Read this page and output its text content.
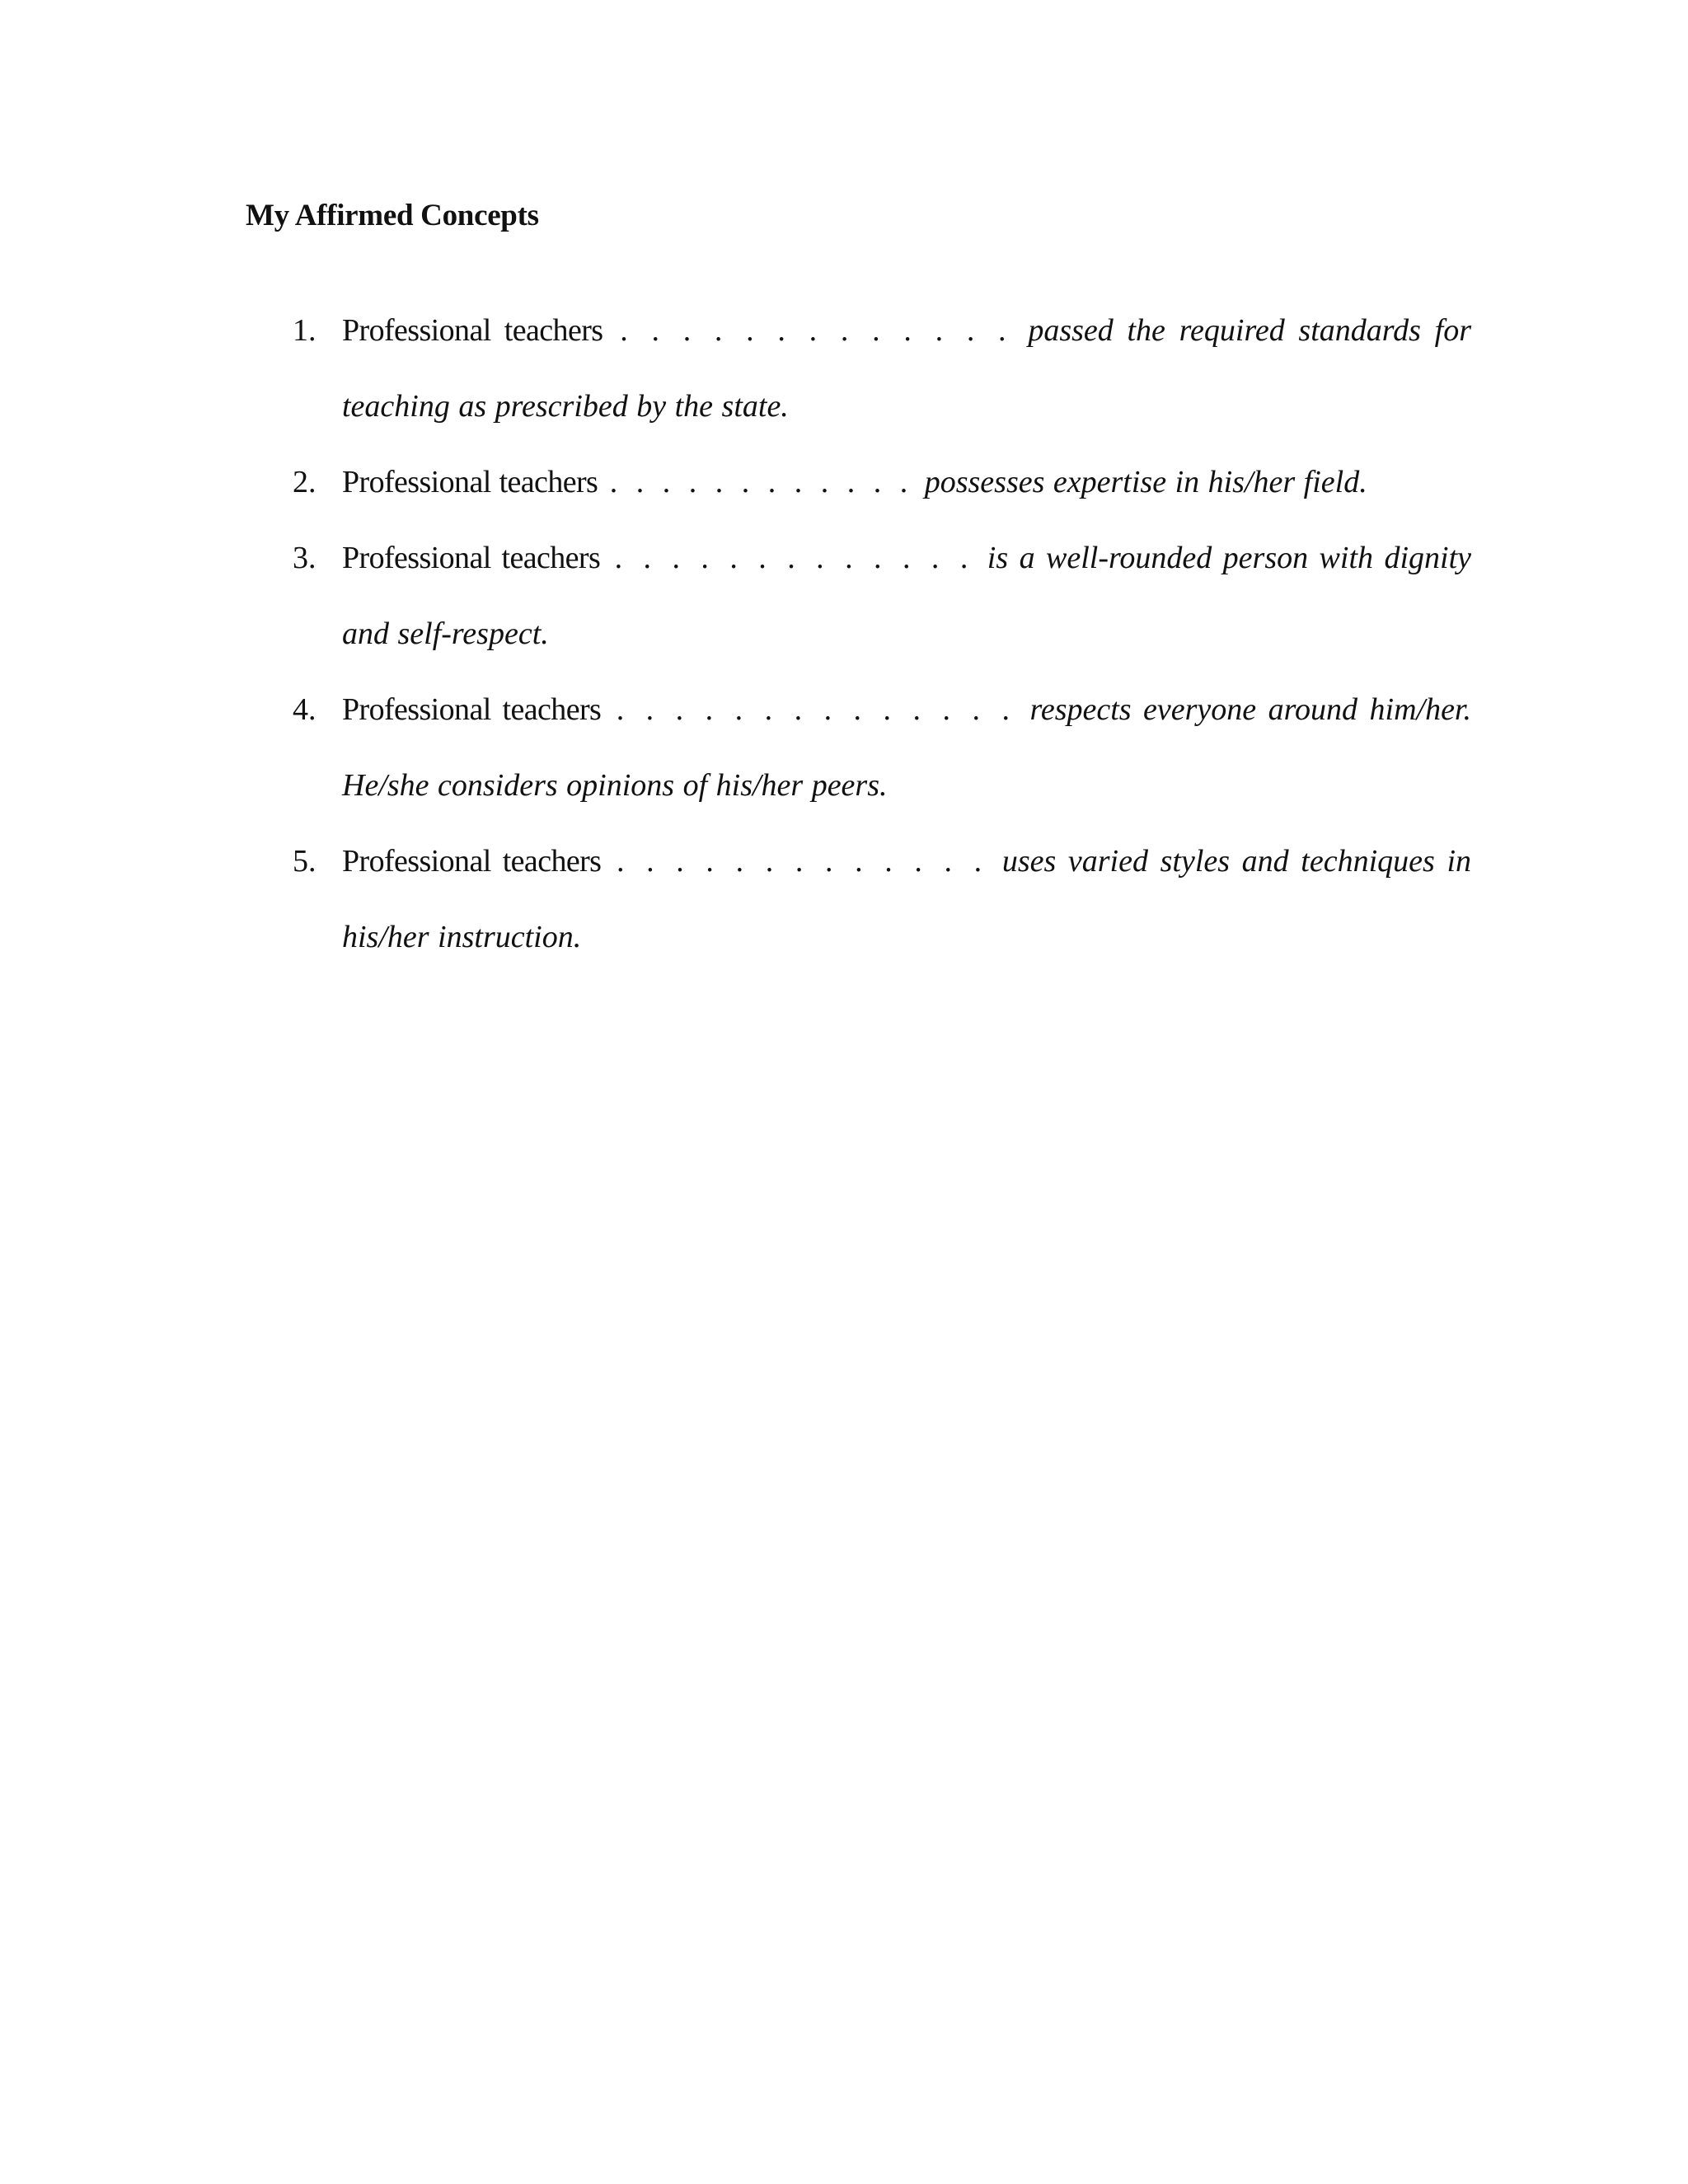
My Affirmed Concepts
1. Professional teachers . . . . . . . . . . . . . passed the required standards for teaching as prescribed by the state.
2. Professional teachers . . . . . . . . . . . . possesses expertise in his/her field.
3. Professional teachers . . . . . . . . . . . . . is a well-rounded person with dignity and self-respect.
4. Professional teachers . . . . . . . . . . . . . . respects everyone around him/her. He/she considers opinions of his/her peers.
5. Professional teachers . . . . . . . . . . . . . uses varied styles and techniques in his/her instruction.
